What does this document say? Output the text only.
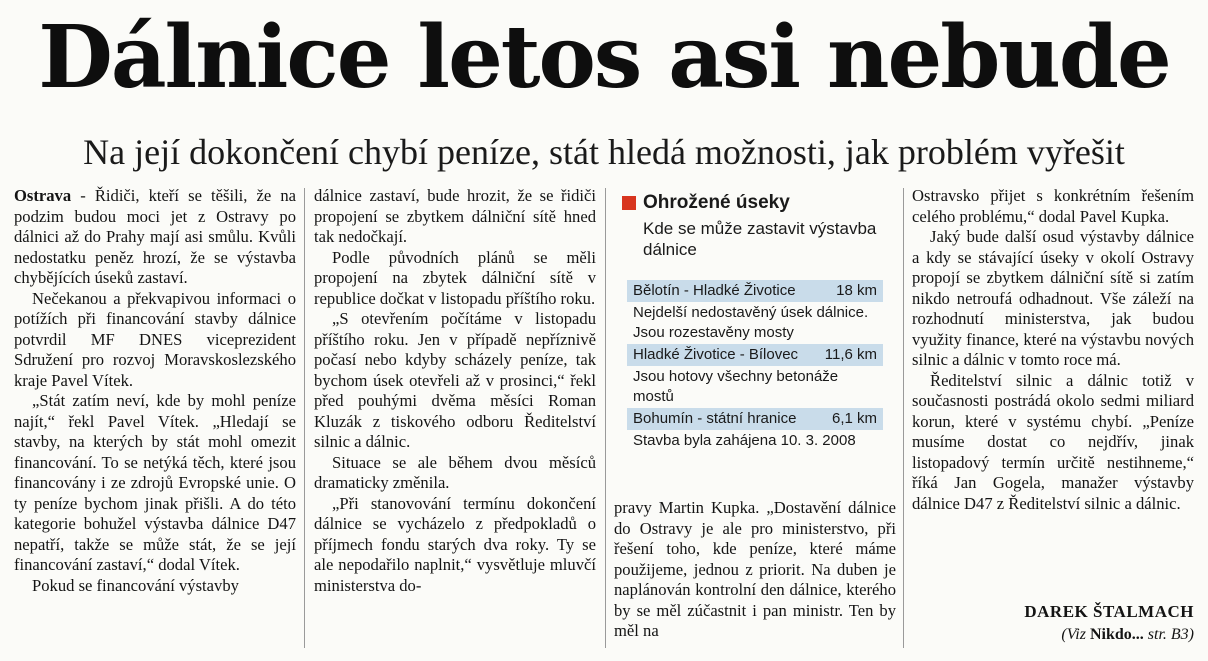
Dálnice letos asi nebude
Na její dokončení chybí peníze, stát hledá možnosti, jak problém vyřešit

Ostrava - Řidiči, kteří se těšili, že na podzim budou moci jet z Ostravy po dálnici až do Prahy mají asi smůlu. Kvůli nedostatku peněz hrozí, že se výstavba chybějících úseků zastaví.

Nečekanou a překvapivou informaci o potížích při financování stavby dálnice potvrdil MF DNES viceprezident Sdružení pro rozvoj Moravskoslezského kraje Pavel Vítek.

„Stát zatím neví, kde by mohl peníze najít,“ řekl Pavel Vítek. „Hledají se stavby, na kterých by stát mohl omezit financování. To se netýká těch, které jsou financovány i ze zdrojů Evropské unie. O ty peníze bychom jinak přišli. A do této kategorie bohužel výstavba dálnice D47 nepatří, takže se může stát, že se její financování zastaví,“ dodal Vítek.

Pokud se financování výstavby

dálnice zastaví, bude hrozit, že se řidiči propojení se zbytkem dálniční sítě hned tak nedočkají.

Podle původních plánů se měli propojení na zbytek dálniční sítě v republice dočkat v listopadu příštího roku.

„S otevřením počítáme v listopadu příštího roku. Jen v případě nepříznivě počasí nebo kdyby scházely peníze, tak bychom úsek otevřeli až v prosinci,“ řekl před pouhými dvěma měsíci Roman Kluzák z tiskového odboru Ředitelství silnic a dálnic.

Situace se ale během dvou měsíců dramaticky změnila.

„Při stanovování termínu dokončení dálnice se vycházelo z předpokladů o příjmech fondu starých dva roky. Ty se ale nepodařilo naplnit,“ vysvětluje mluvčí ministerstva do-

Ohrožené úseky
Kde se může zastavit výstavba dálnice
Bělotín - Hladké Životice	18 km
Nejdelší nedostavěný úsek dálnice. Jsou rozestavěny mosty
Hladké Životice - Bílovec 11,6 km
Jsou hotovy všechny betonáže mostů
Bohumín - státní hranice 6,1 km
Stavba byla zahájena 10. 3. 2008

pravy Martin Kupka. „Dostavění dálnice do Ostravy je ale pro ministerstvo, při řešení toho, kde peníze, které máme použijeme, jednou z priorit. Na duben je naplánován kontrolní den dálnice, kterého by se měl zúčastnit i pan ministr. Ten by měl na

Ostravsko přijet s konkrétním řešením celého problému,“ dodal Pavel Kupka.

Jaký bude další osud výstavby dálnice a kdy se stávající úseky v okolí Ostravy propojí se zbytkem dálniční sítě si zatím nikdo netroufá odhadnout. Vše záleží na rozhodnutí ministerstva, jak budou využity finance, které na výstavbu nových silnic a dálnic v tomto roce má.

Ředitelství silnic a dálnic totiž v současnosti postrádá okolo sedmi miliard korun, které v systému chybí. „Peníze musíme dostat co nejdřív, jinak listopadový termín určitě nestihneme,“ říká Jan Gogela, manažer výstavby dálnice D47 z Ředitelství silnic a dálnic.

DAREK ŠTALMACH
(Viz Nikdo... str. B3)
